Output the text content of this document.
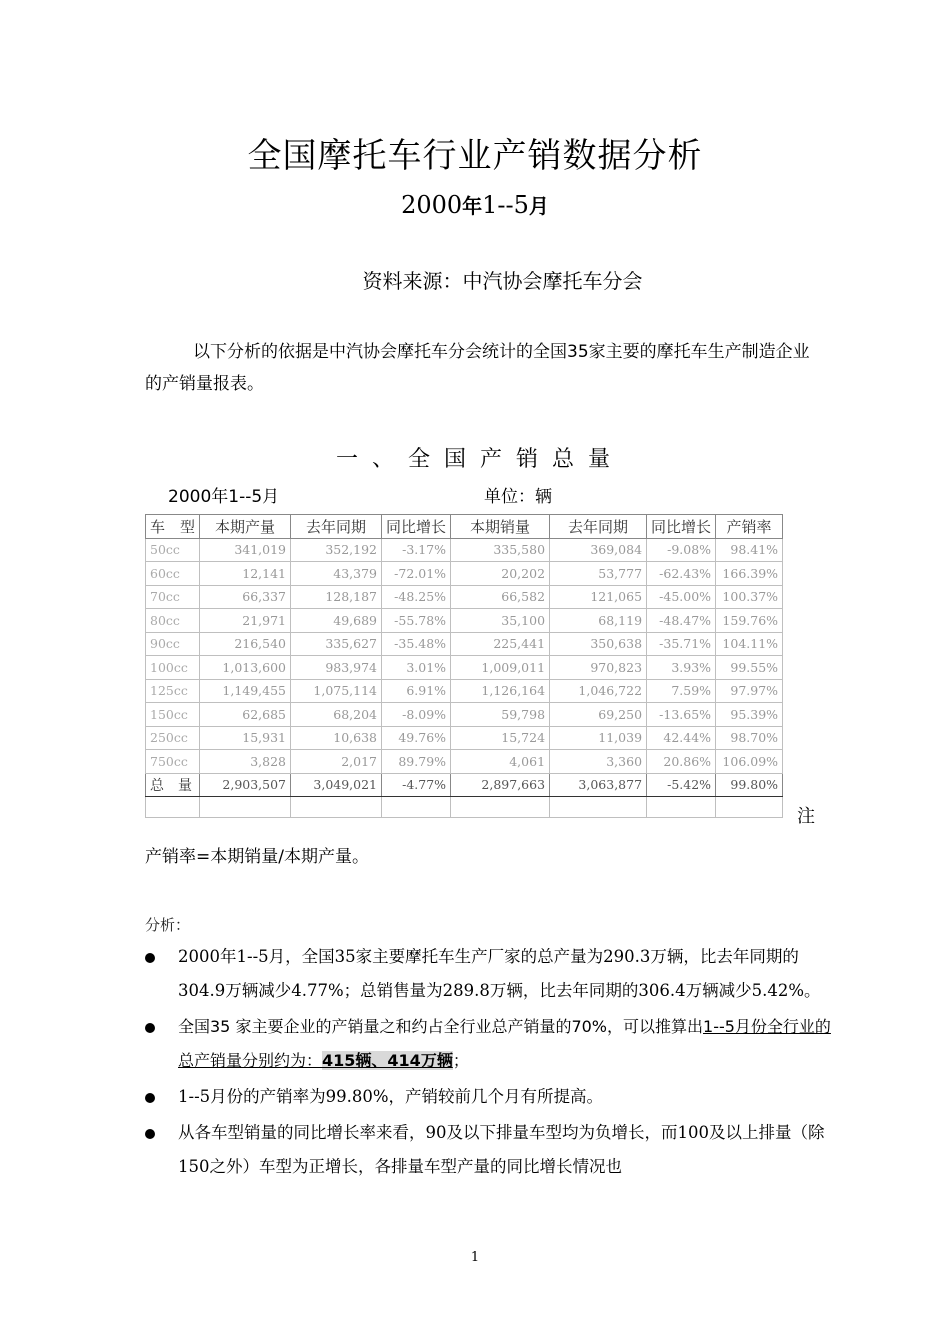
全国摩托车行业产销数据分析
2000年1--5月
资料来源：中汽协会摩托车分会
以下分析的依据是中汽协会摩托车分会统计的全国35家主要的摩托车生产制造企业的产销量报表。
一、全国产销总量
2000年1--5月	单位：辆
车　型	本期产量	去年同期	同比增长	本期销量	去年同期	同比增长	产销率
50cc	341,019	352,192	-3.17%	335,580	369,084	-9.08%	98.41%
60cc	12,141	43,379	-72.01%	20,202	53,777	-62.43%	166.39%
70cc	66,337	128,187	-48.25%	66,582	121,065	-45.00%	100.37%
80cc	21,971	49,689	-55.78%	35,100	68,119	-48.47%	159.76%
90cc	216,540	335,627	-35.48%	225,441	350,638	-35.71%	104.11%
100cc	1,013,600	983,974	3.01%	1,009,011	970,823	3.93%	99.55%
125cc	1,149,455	1,075,114	6.91%	1,126,164	1,046,722	7.59%	97.97%
150cc	62,685	68,204	-8.09%	59,798	69,250	-13.65%	95.39%
250cc	15,931	10,638	49.76%	15,724	11,039	42.44%	98.70%
750cc	3,828	2,017	89.79%	4,061	3,360	20.86%	106.09%
总　量	2,903,507	3,049,021	-4.77%	2,897,663	3,063,877	-5.42%	99.80%

注
产销率=本期销量/本期产量。
分析：
2000年1--5月，全国35家主要摩托车生产厂家的总产量为290.3万辆，比去年同期的304.9万辆减少4.77%；总销售量为289.8万辆，比去年同期的306.4万辆减少5.42%。
全国35 家主要企业的产销量之和约占全行业总产销量的70%，可以推算出1--5月份全行业的总产销量分别约为：415辆、414万辆；
1--5月份的产销率为99.80%，产销较前几个月有所提高。
从各车型销量的同比增长率来看，90及以下排量车型均为负增长，而100及以上排量（除150之外）车型为正增长，各排量车型产量的同比增长情况也
1
